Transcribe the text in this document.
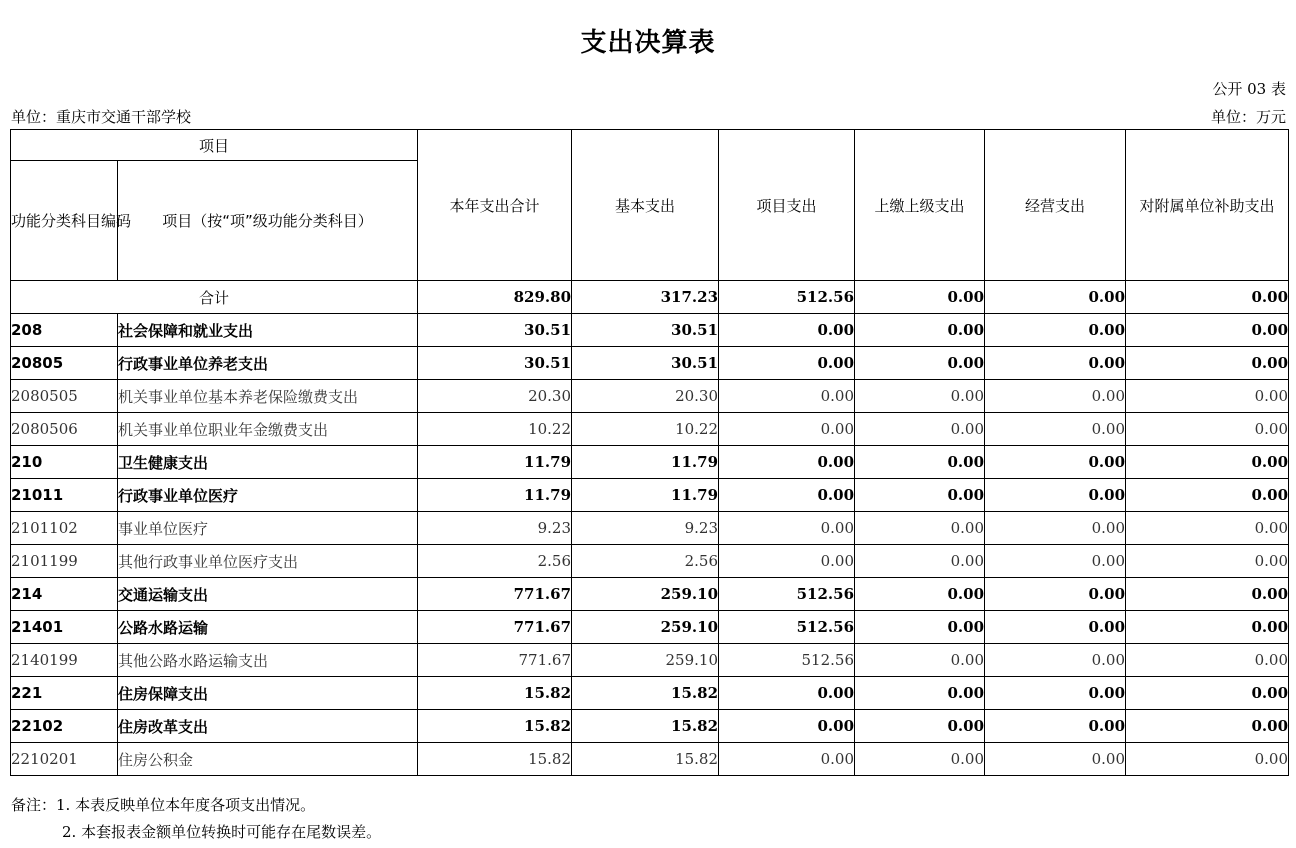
支出决算表
公开 03 表
单位：重庆市交通干部学校	单位：万元
项目		本年支出合计	基本支出	项目支出	上缴上级支出	经营支出	对附属单位补助支出
功能分类科目编码	项目（按“项”级功能分类科目）						
合计		829.80	317.23	512.56	0.00	0.00	0.00
208	社会保障和就业支出	30.51	30.51	0.00	0.00	0.00	0.00
20805	行政事业单位养老支出	30.51	30.51	0.00	0.00	0.00	0.00
2080505	机关事业单位基本养老保险缴费支出	20.30	20.30	0.00	0.00	0.00	0.00
2080506	机关事业单位职业年金缴费支出	10.22	10.22	0.00	0.00	0.00	0.00
210	卫生健康支出	11.79	11.79	0.00	0.00	0.00	0.00
21011	行政事业单位医疗	11.79	11.79	0.00	0.00	0.00	0.00
2101102	事业单位医疗	9.23	9.23	0.00	0.00	0.00	0.00
2101199	其他行政事业单位医疗支出	2.56	2.56	0.00	0.00	0.00	0.00
214	交通运输支出	771.67	259.10	512.56	0.00	0.00	0.00
21401	公路水路运输	771.67	259.10	512.56	0.00	0.00	0.00
2140199	其他公路水路运输支出	771.67	259.10	512.56	0.00	0.00	0.00
221	住房保障支出	15.82	15.82	0.00	0.00	0.00	0.00
22102	住房改革支出	15.82	15.82	0.00	0.00	0.00	0.00
2210201	住房公积金	15.82	15.82	0.00	0.00	0.00	0.00
备注：1. 本表反映单位本年度各项支出情况。
2. 本套报表金额单位转换时可能存在尾数误差。
